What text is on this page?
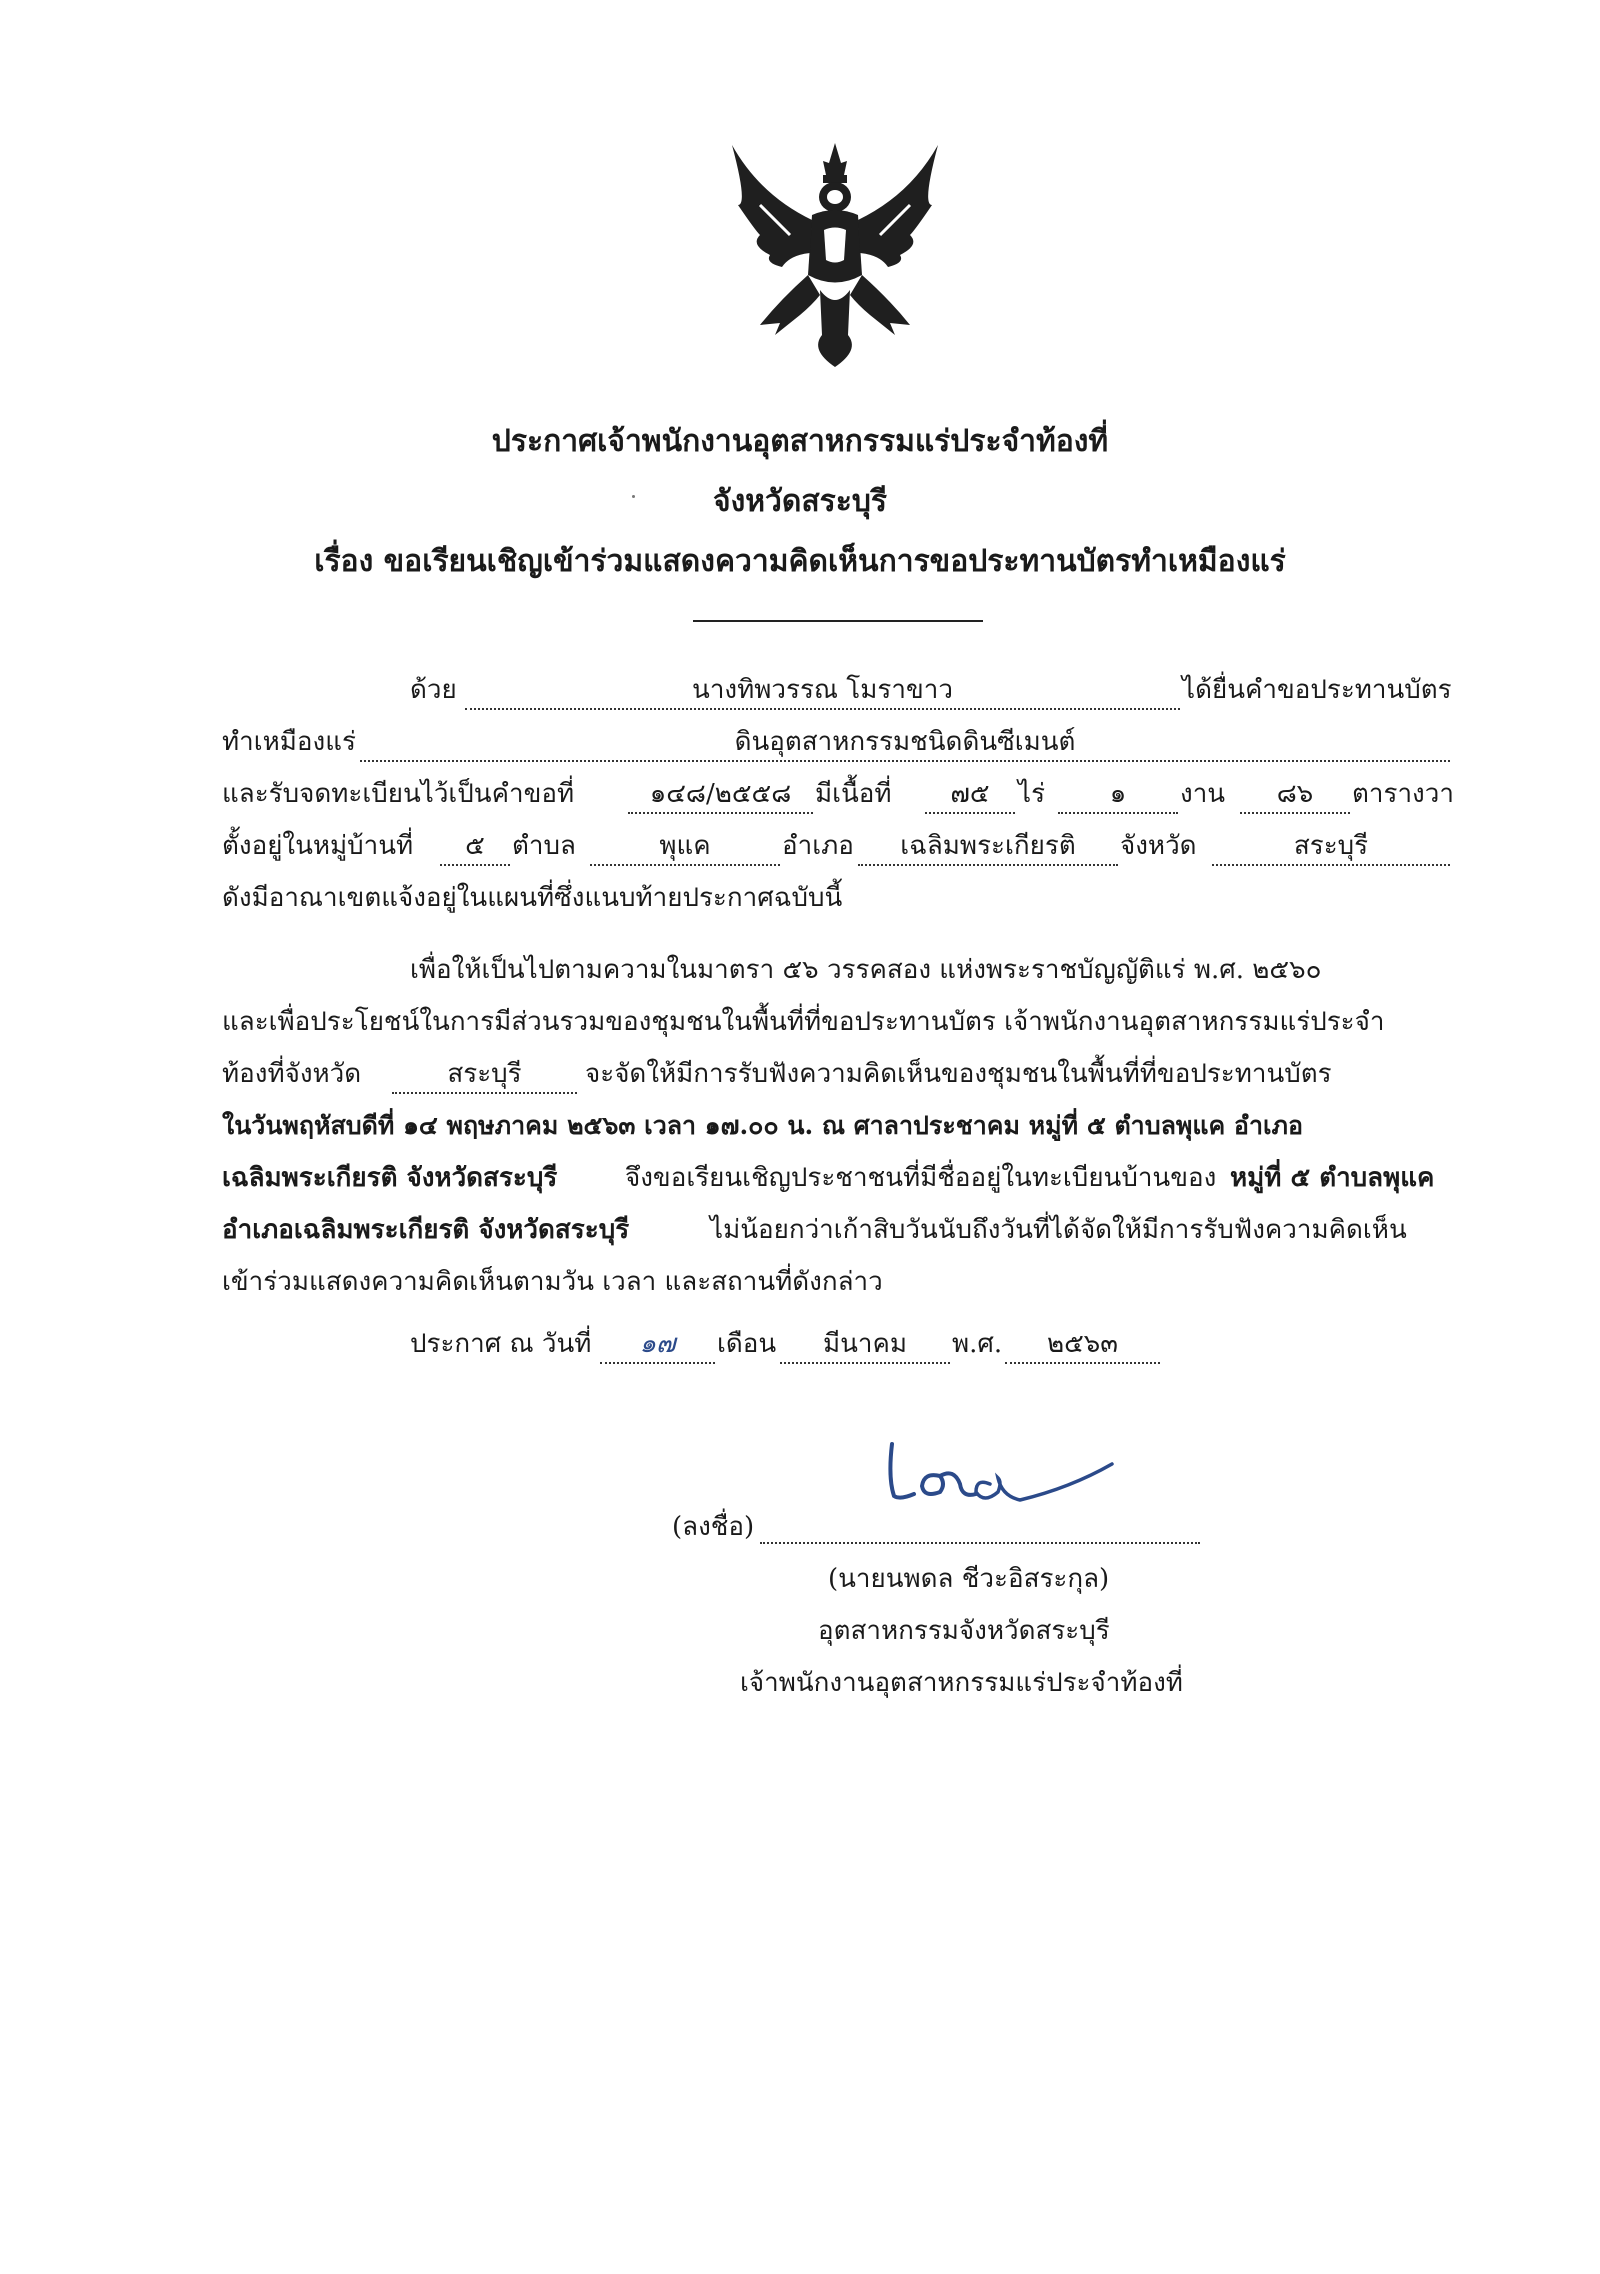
ประกาศเจ้าพนักงานอุตสาหกรรมแร่ประจำท้องที่
จังหวัดสระบุรี
เรื่อง ขอเรียนเชิญเข้าร่วมแสดงความคิดเห็นการขอประทานบัตรทำเหมืองแร่
ด้วย	นางทิพวรรณ โมราขาว	ได้ยื่นคำขอประทานบัตร
ทำเหมืองแร่	ดินอุตสาหกรรมชนิดดินซีเมนต์
และรับจดทะเบียนไว้เป็นคำขอที่	๑๔๘/๒๕๕๘ มีเนื้อที่	๗๕	ไร่	๑	งาน	๘๖	ตารางวา
ตั้งอยู่ในหมู่บ้านที่	๕	ตำบล	พุแค	อำเภอ	เฉลิมพระเกียรติ	จังหวัด	สระบุรี
ดังมีอาณาเขตแจ้งอยู่ในแผนที่ซึ่งแนบท้ายประกาศฉบับนี้
เพื่อให้เป็นไปตามความในมาตรา ๕๖ วรรคสอง แห่งพระราชบัญญัติแร่ พ.ศ. ๒๕๖๐
และเพื่อประโยชน์ในการมีส่วนรวมของชุมชนในพื้นที่ที่ขอประทานบัตร เจ้าพนักงานอุตสาหกรรมแร่ประจำ
ท้องที่จังหวัด	สระบุรี	จะจัดให้มีการรับฟังความคิดเห็นของชุมชนในพื้นที่ที่ขอประทานบัตร
ในวันพฤหัสบดีที่ ๑๔ พฤษภาคม ๒๕๖๓ เวลา ๑๗.๐๐ น. ณ ศาลาประชาคม หมู่ที่ ๕ ตำบลพุแค อำเภอ
เฉลิมพระเกียรติ จังหวัดสระบุรี	จึงขอเรียนเชิญประชาชนที่มีชื่ออยู่ในทะเบียนบ้านของ หมู่ที่ ๕ ตำบลพุแค
อำเภอเฉลิมพระเกียรติ จังหวัดสระบุรี	ไม่น้อยกว่าเก้าสิบวันนับถึงวันที่ได้จัดให้มีการรับฟังความคิดเห็น
เข้าร่วมแสดงความคิดเห็นตามวัน เวลา และสถานที่ดังกล่าว
ประกาศ ณ วันที่	๑๗	เดือน	มีนาคม	พ.ศ.	๒๕๖๓
(ลงชื่อ)
(นายนพดล ชีวะอิสระกุล)
อุตสาหกรรมจังหวัดสระบุรี
เจ้าพนักงานอุตสาหกรรมแร่ประจำท้องที่
